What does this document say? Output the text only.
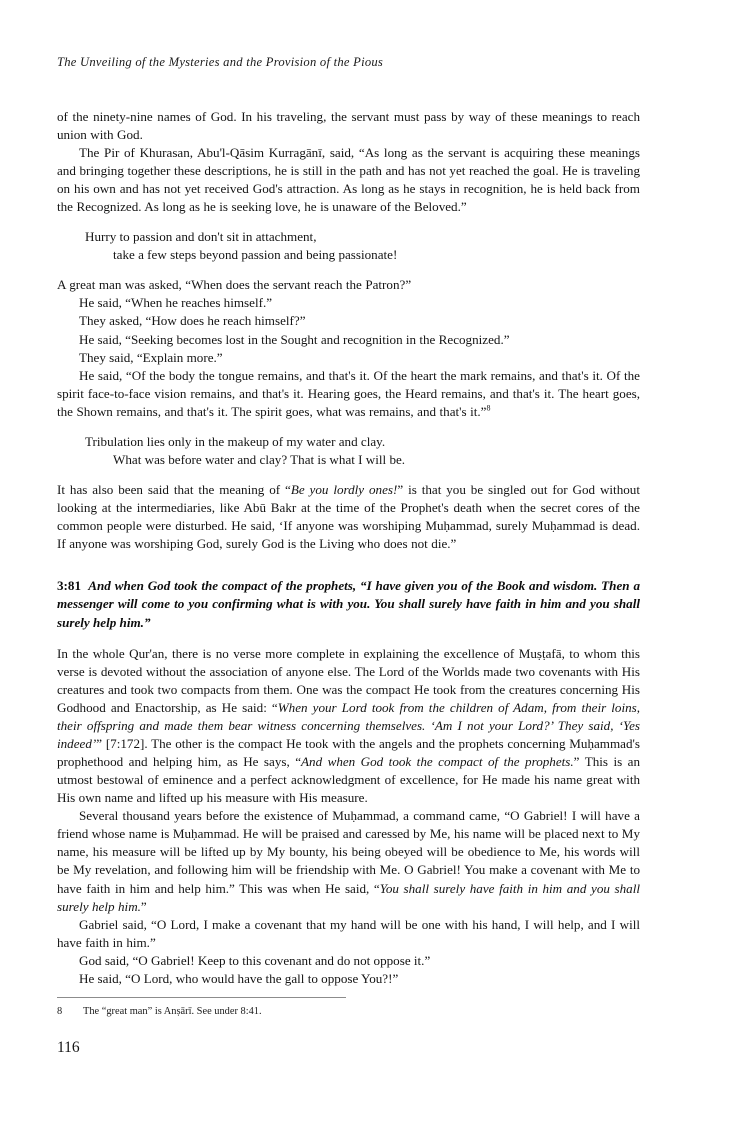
The Unveiling of the Mysteries and the Provision of the Pious

of the ninety-nine names of God. In his traveling, the servant must pass by way of these meanings to reach union with God.

The Pir of Khurasan, Abu'l-Qāsim Kurragānī, said, “As long as the servant is acquiring these meanings and bringing together these descriptions, he is still in the path and has not yet reached the goal. He is traveling on his own and has not yet received God's attraction. As long as he stays in recognition, he is held back from the Recognized. As long as he is seeking love, he is unaware of the Beloved.”

Hurry to passion and don't sit in attachment,

take a few steps beyond passion and being passionate!

A great man was asked, “When does the servant reach the Patron?”

He said, “When he reaches himself.”

They asked, “How does he reach himself?”

He said, “Seeking becomes lost in the Sought and recognition in the Recognized.”

They said, “Explain more.”

He said, “Of the body the tongue remains, and that's it. Of the heart the mark remains, and that's it. Of the spirit face-to-face vision remains, and that's it. Hearing goes, the Heard remains, and that's it. The heart goes, the Shown remains, and that's it. The spirit goes, what was remains, and that's it.”$^8$

Tribulation lies only in the makeup of my water and clay.

What was before water and clay? That is what I will be.

It has also been said that the meaning of “Be you lordly ones!” is that you be singled out for God without looking at the intermediaries, like Abū Bakr at the time of the Prophet's death when the secret cores of the common people were disturbed. He said, ‘If anyone was worshiping Muḥammad, surely Muḥammad is dead. If anyone was worshiping God, surely God is the Living who does not die.”

3:81 And when God took the compact of the prophets, “I have given you of the Book and wisdom. Then a messenger will come to you confirming what is with you. You shall surely have faith in him and you shall surely help him.”

In the whole Qur'an, there is no verse more complete in explaining the excellence of Muṣṭafā, to whom this verse is devoted without the association of anyone else. The Lord of the Worlds made two covenants with His creatures and took two compacts from them. One was the compact He took from the creatures concerning His Godhood and Enactorship, as He said: “When your Lord took from the children of Adam, from their loins, their offspring and made them bear witness concerning themselves. ‘Am I not your Lord?’ They said, ‘Yes indeed’” [7:172]. The other is the compact He took with the angels and the prophets concerning Muḥammad's prophethood and helping him, as He says, “And when God took the compact of the prophets.” This is an utmost bestowal of eminence and a perfect acknowledgment of excellence, for He made his name great with His own name and lifted up his measure with His measure.

Several thousand years before the existence of Muḥammad, a command came, “O Gabriel! I will have a friend whose name is Muḥammad. He will be praised and caressed by Me, his name will be placed next to My name, his measure will be lifted up by My bounty, his being obeyed will be obedience to Me, his words will be My revelation, and following him will be friendship with Me. O Gabriel! You make a covenant with Me to have faith in him and help him.” This was when He said, “You shall surely have faith in him and you shall surely help him.”

Gabriel said, “O Lord, I make a covenant that my hand will be one with his hand, I will help, and I will have faith in him.”

God said, “O Gabriel! Keep to this covenant and do not oppose it.”

He said, “O Lord, who would have the gall to oppose You?!”

8 The “great man” is Anṣārī. See under 8:41.

116
